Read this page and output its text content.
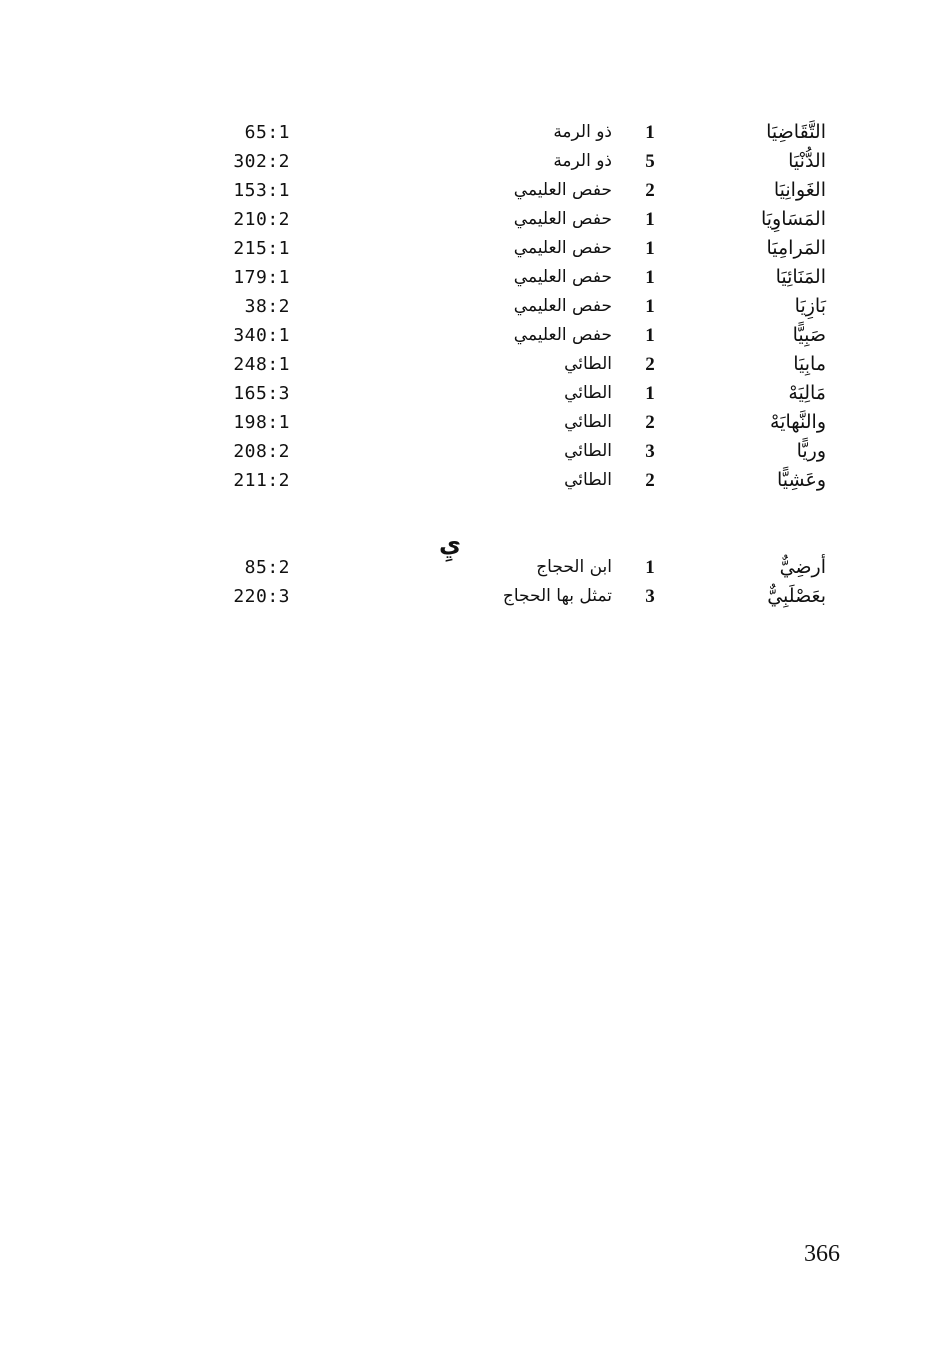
التَّقَاضِيَا
1
ذو الرمة
65:1
الدُّنْيَا
5
ذو الرمة
302:2
الغَوانِيَا
2
حفص العليمي
153:1
المَسَاوِيَا
1
حفص العليمي
210:2
المَرامِيَا
1
حفص العليمي
215:1
المَنَائِيَا
1
حفص العليمي
179:1
بَازِيَا
1
حفص العليمي
38:2
صَبِيًّا
1
حفص العليمي
340:1
مابِيَا
2
الطائي
248:1
مَالِيَهْ
1
الطائي
165:3
والنَّهايَهْ
2
الطائي
198:1
وريًّا
3
الطائي
208:2
وعَشِيًّا
2
الطائي
211:2
يِ
أرضِيٌّ
1
ابن الحجاج
85:2
بعَصْلَبِيٌّ
3
تمثل بها الحجاج
220:3
366
